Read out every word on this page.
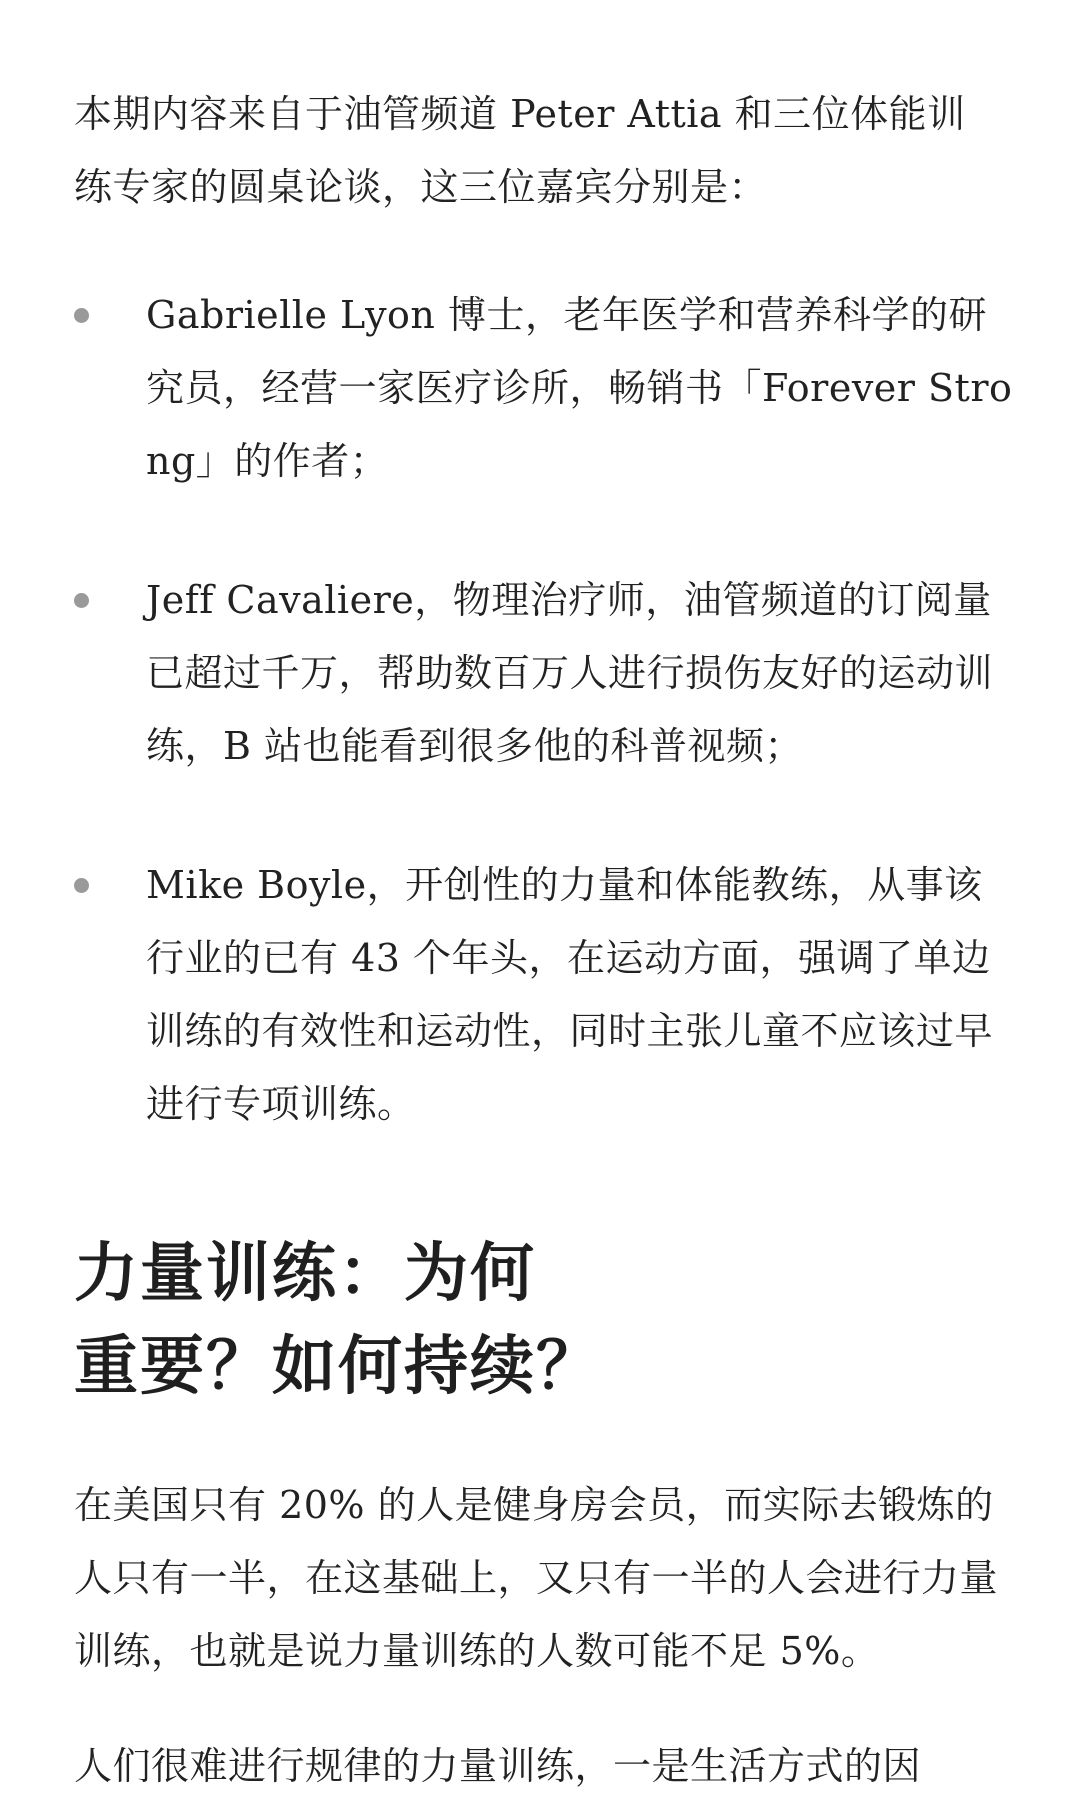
本期内容来自于油管频道 Peter Attia 和三位体能训练专家的圆桌论谈，这三位嘉宾分别是：

Gabrielle Lyon 博士，老年医学和营养科学的研究员，经营一家医疗诊所，畅销书「Forever Strong」的作者；
Jeff Cavaliere，物理治疗师，油管频道的订阅量已超过千万，帮助数百万人进行损伤友好的运动训练，B 站也能看到很多他的科普视频；
Mike Boyle，开创性的力量和体能教练，从事该行业的已有 43 个年头，在运动方面，强调了单边训练的有效性和运动性，同时主张儿童不应该过早进行专项训练。
力量训练：为何
重要？如何持续？

在美国只有 20% 的人是健身房会员，而实际去锻炼的人只有一半，在这基础上，又只有一半的人会进行力量训练，也就是说力量训练的人数可能不足 5%。

人们很难进行规律的力量训练，一是生活方式的因
